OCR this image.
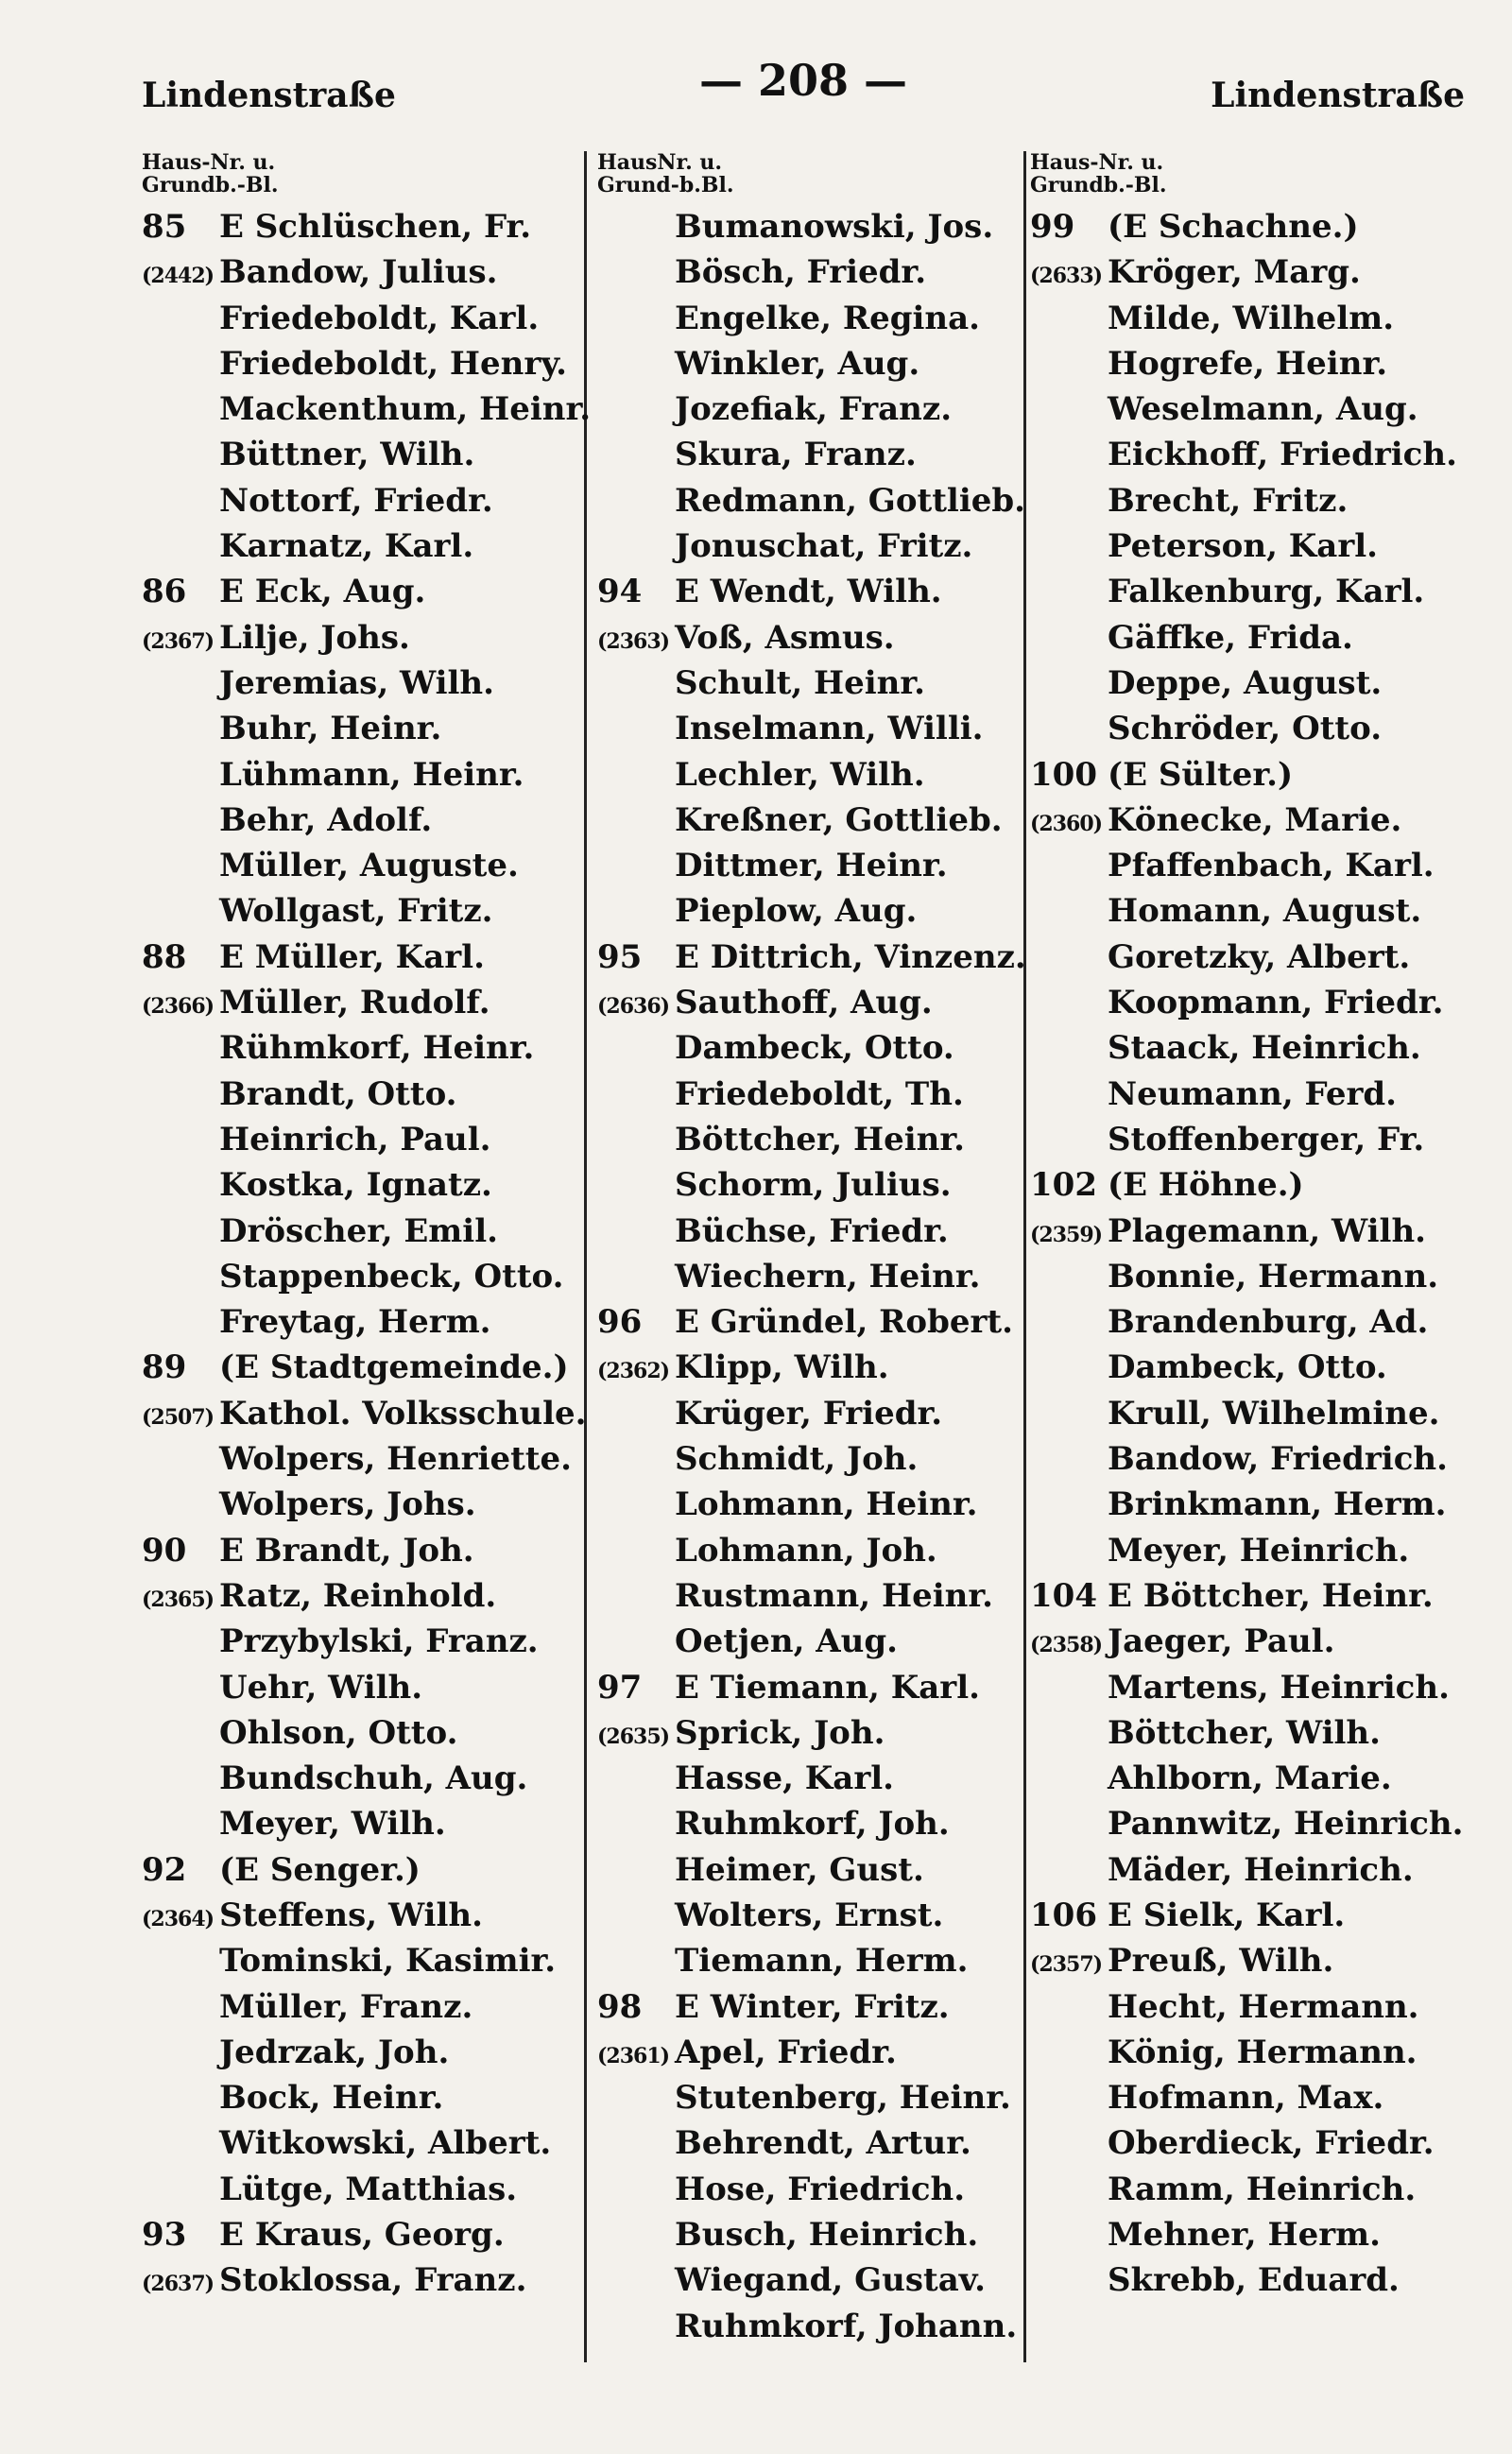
Lindenstraße	— 208 —	Lindenstraße
Haus-Nr. u.
Grundb.-Bl.
85 E Schlüschen, Fr.
(2442) Bandow, Julius.
Friedeboldt, Karl.
Friedeboldt, Henry.
Mackenthum, Heinr.
Büttner, Wilh.
Nottorf, Friedr.
Karnatz, Karl.
86 E Eck, Aug.
(2367) Lilje, Johs.
Jeremias, Wilh.
Buhr, Heinr.
Lühmann, Heinr.
Behr, Adolf.
Müller, Auguste.
Wollgast, Fritz.
88 E Müller, Karl.
(2366) Müller, Rudolf.
Rühmkorf, Heinr.
Brandt, Otto.
Heinrich, Paul.
Kostka, Ignatz.
Dröscher, Emil.
Stappenbeck, Otto.
Freytag, Herm.
89 (E Stadtgemeinde.)
(2507) Kathol. Volksschule.
Wolpers, Henriette.
Wolpers, Johs.
90 E Brandt, Joh.
(2365) Ratz, Reinhold.
Przybylski, Franz.
Uehr, Wilh.
Ohlson, Otto.
Bundschuh, Aug.
Meyer, Wilh.
92 (E Senger.)
(2364) Steffens, Wilh.
Tominski, Kasimir.
Müller, Franz.
Jedrzak, Joh.
Bock, Heinr.
Witkowski, Albert.
Lütge, Matthias.
93 E Kraus, Georg.
(2637) Stoklossa, Franz.
HausNr. u.
Grund-b.Bl.
Bumanowski, Jos.
Bösch, Friedr.
Engelke, Regina.
Winkler, Aug.
Jozefiak, Franz.
Skura, Franz.
Redmann, Gottlieb.
Jonuschat, Fritz.
94 E Wendt, Wilh.
(2363) Voß, Asmus.
Schult, Heinr.
Inselmann, Willi.
Lechler, Wilh.
Kreßner, Gottlieb.
Dittmer, Heinr.
Pieplow, Aug.
95 E Dittrich, Vinzenz.
(2636) Sauthoff, Aug.
Dambeck, Otto.
Friedeboldt, Th.
Böttcher, Heinr.
Schorm, Julius.
Büchse, Friedr.
Wiechern, Heinr.
96 E Gründel, Robert.
(2362) Klipp, Wilh.
Krüger, Friedr.
Schmidt, Joh.
Lohmann, Heinr.
Lohmann, Joh.
Rustmann, Heinr.
Oetjen, Aug.
97 E Tiemann, Karl.
(2635) Sprick, Joh.
Hasse, Karl.
Ruhmkorf, Joh.
Heimer, Gust.
Wolters, Ernst.
Tiemann, Herm.
98 E Winter, Fritz.
(2361) Apel, Friedr.
Stutenberg, Heinr.
Behrendt, Artur.
Hose, Friedrich.
Busch, Heinrich.
Wiegand, Gustav.
Ruhmkorf, Johann.
Haus-Nr. u.
Grundb.-Bl.
99 (E Schachne.)
(2633) Kröger, Marg.
Milde, Wilhelm.
Hogrefe, Heinr.
Weselmann, Aug.
Eickhoff, Friedrich.
Brecht, Fritz.
Peterson, Karl.
Falkenburg, Karl.
Gäffke, Frida.
Deppe, August.
Schröder, Otto.
100 (E Sülter.)
(2360) Könecke, Marie.
Pfaffenbach, Karl.
Homann, August.
Goretzky, Albert.
Koopmann, Friedr.
Staack, Heinrich.
Neumann, Ferd.
Stoffenberger, Fr.
102 (E Höhne.)
(2359) Plagemann, Wilh.
Bonnie, Hermann.
Brandenburg, Ad.
Dambeck, Otto.
Krull, Wilhelmine.
Bandow, Friedrich.
Brinkmann, Herm.
Meyer, Heinrich.
104 E Böttcher, Heinr.
(2358) Jaeger, Paul.
Martens, Heinrich.
Böttcher, Wilh.
Ahlborn, Marie.
Pannwitz, Heinrich.
Mäder, Heinrich.
106 E Sielk, Karl.
(2357) Preuß, Wilh.
Hecht, Hermann.
König, Hermann.
Hofmann, Max.
Oberdieck, Friedr.
Ramm, Heinrich.
Mehner, Herm.
Skrebb, Eduard.
